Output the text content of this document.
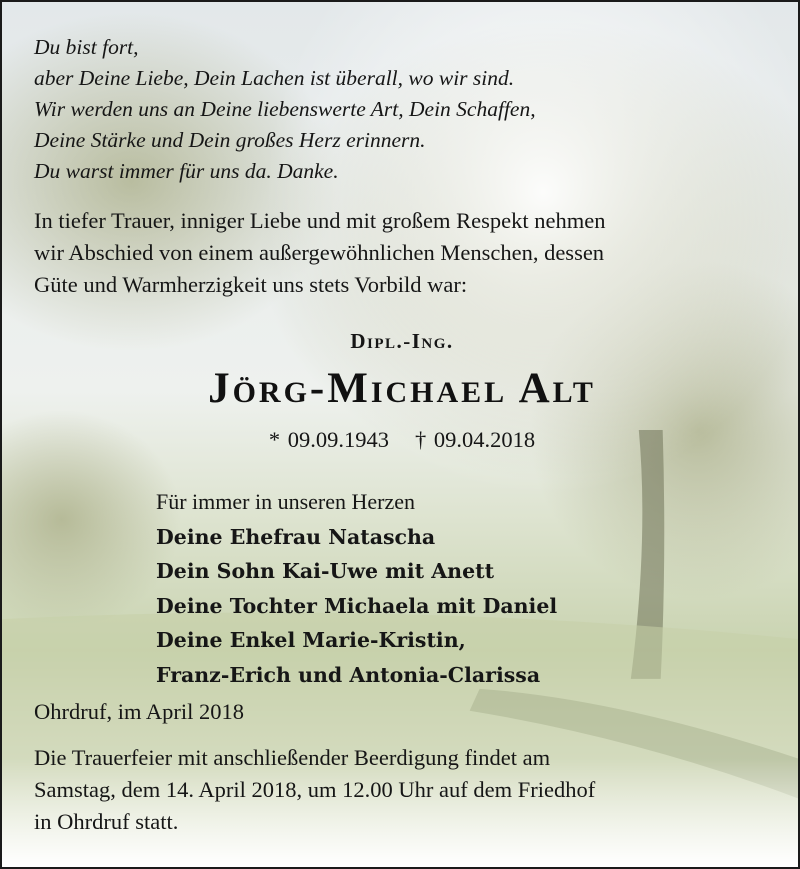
Du bist fort,
aber Deine Liebe, Dein Lachen ist überall, wo wir sind.
Wir werden uns an Deine liebenswerte Art, Dein Schaffen,
Deine Stärke und Dein großes Herz erinnern.
Du warst immer für uns da. Danke.
In tiefer Trauer, inniger Liebe und mit großem Respekt nehmen
wir Abschied von einem außergewöhnlichen Menschen, dessen
Güte und Warmherzigkeit uns stets Vorbild war:
Dipl.-Ing.
Jörg-Michael Alt
* 09.09.1943 † 09.04.2018
Für immer in unseren Herzen
Deine Ehefrau Natascha
Dein Sohn Kai-Uwe mit Anett
Deine Tochter Michaela mit Daniel
Deine Enkel Marie-Kristin,
Franz-Erich und Antonia-Clarissa
Ohrdruf, im April 2018
Die Trauerfeier mit anschließender Beerdigung findet am
Samstag, dem 14. April 2018, um 12.00 Uhr auf dem Friedhof
in Ohrdruf statt.
